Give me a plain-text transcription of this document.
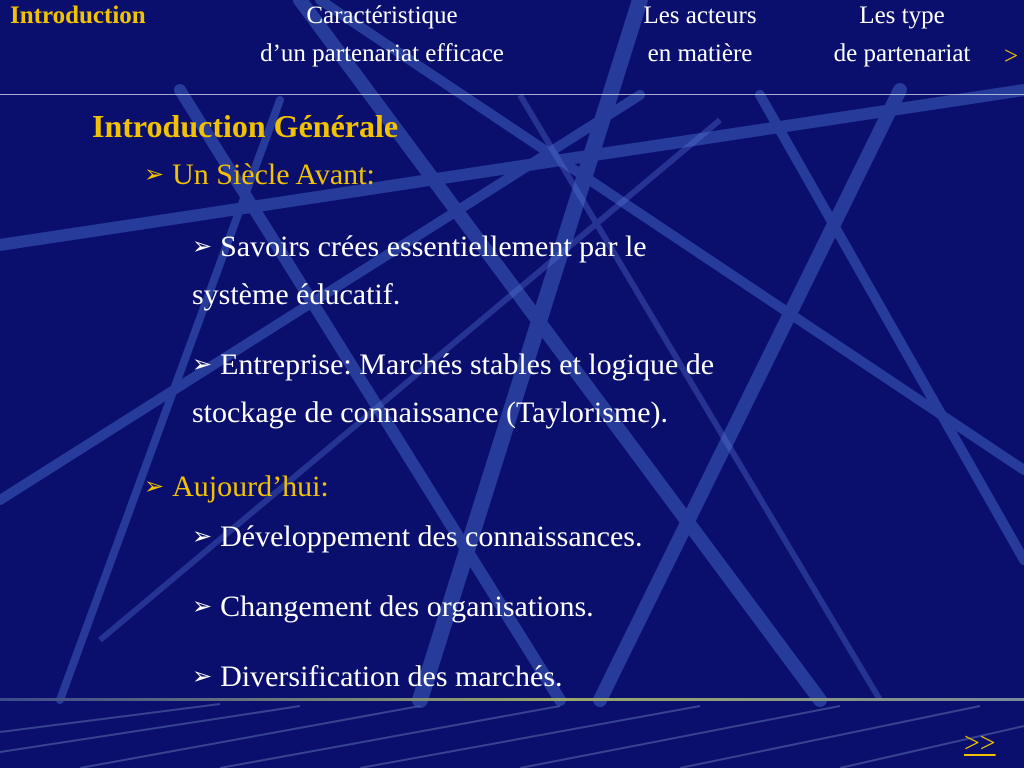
Introduction	Caractéristique
d’un partenariat efficace
Les acteurs
en matière
Les type
de partenariat	>
Introduction Générale
➢ Un Siècle Avant:
➢ Savoirs crées essentiellement par le
système éducatif.
➢ Entreprise: Marchés stables et logique de
stockage de connaissance (Taylorisme).
➢ Aujourd’hui:
➢ Développement des connaissances.
➢ Changement des organisations.
➢ Diversification des marchés.
>>
